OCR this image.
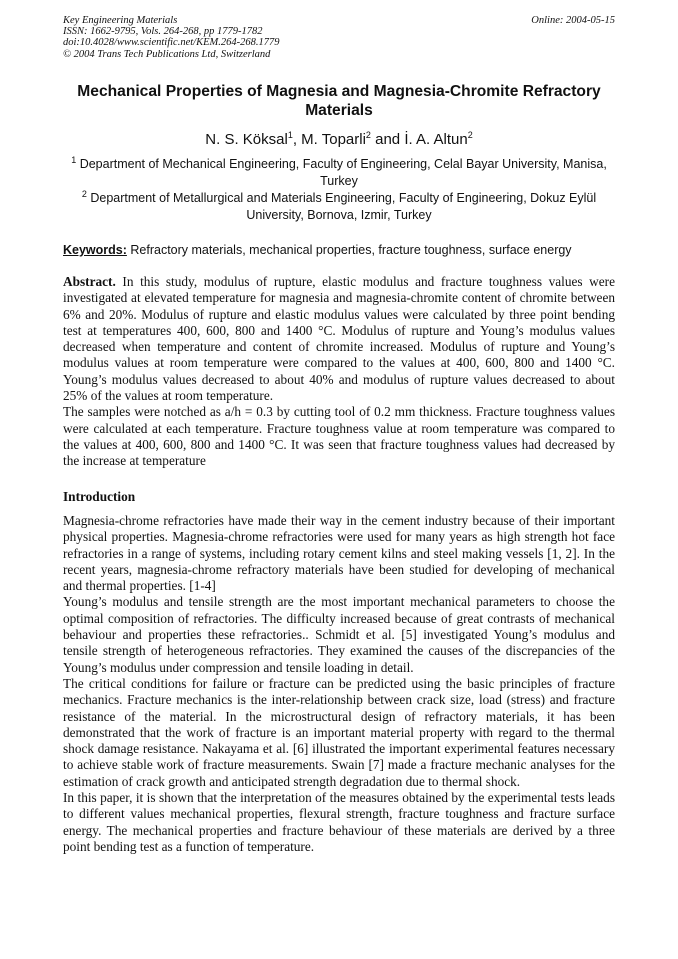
Key Engineering Materials
ISSN: 1662-9795, Vols. 264-268, pp 1779-1782
doi:10.4028/www.scientific.net/KEM.264-268.1779
© 2004 Trans Tech Publications Ltd, Switzerland
Online: 2004-05-15
Mechanical Properties of Magnesia and Magnesia-Chromite Refractory Materials
N. S. Köksal$^1$, M. Toparli$^2$ and İ. A. Altun$^2$
$^1$ Department of Mechanical Engineering, Faculty of Engineering, Celal Bayar University, Manisa, Turkey
$^2$ Department of Metallurgical and Materials Engineering, Faculty of Engineering, Dokuz Eylül University, Bornova, Izmir, Turkey
Keywords: Refractory materials, mechanical properties, fracture toughness, surface energy

Abstract. In this study, modulus of rupture, elastic modulus and fracture toughness values were investigated at elevated temperature for magnesia and magnesia-chromite content of chromite between 6% and 20%. Modulus of rupture and elastic modulus values were calculated by three point bending test at temperatures 400, 600, 800 and 1400 °C. Modulus of rupture and Young’s modulus values decreased when temperature and content of chromite increased. Modulus of rupture and Young’s modulus values at room temperature were compared to the values at 400, 600, 800 and 1400 °C. Young’s modulus values decreased to about 40% and modulus of rupture values decreased to about 25% of the values at room temperature.

The samples were notched as a/h = 0.3 by cutting tool of 0.2 mm thickness. Fracture toughness values were calculated at each temperature. Fracture toughness value at room temperature was compared to the values at 400, 600, 800 and 1400 °C. It was seen that fracture toughness values had decreased by the increase at temperature

Introduction

Magnesia-chrome refractories have made their way in the cement industry because of their important physical properties. Magnesia-chrome refractories were used for many years as high strength hot face refractories in a range of systems, including rotary cement kilns and steel making vessels [1, 2]. In the recent years, magnesia-chrome refractory materials have been studied for developing of mechanical and thermal properties. [1-4]

Young’s modulus and tensile strength are the most important mechanical parameters to choose the optimal composition of refractories. The difficulty increased because of great contrasts of mechanical behaviour and properties these refractories.. Schmidt et al. [5] investigated Young’s modulus and tensile strength of heterogeneous refractories. They examined the causes of the discrepancies of the Young’s modulus under compression and tensile loading in detail.

The critical conditions for failure or fracture can be predicted using the basic principles of fracture mechanics. Fracture mechanics is the inter-relationship between crack size, load (stress) and fracture resistance of the material. In the microstructural design of refractory materials, it has been demonstrated that the work of fracture is an important material property with regard to the thermal shock damage resistance. Nakayama et al. [6] illustrated the important experimental features necessary to achieve stable work of fracture measurements. Swain [7] made a fracture mechanic analyses for the estimation of crack growth and anticipated strength degradation due to thermal shock.

In this paper, it is shown that the interpretation of the measures obtained by the experimental tests leads to different values mechanical properties, flexural strength, fracture toughness and fracture surface energy. The mechanical properties and fracture behaviour of these materials are derived by a three point bending test as a function of temperature.
